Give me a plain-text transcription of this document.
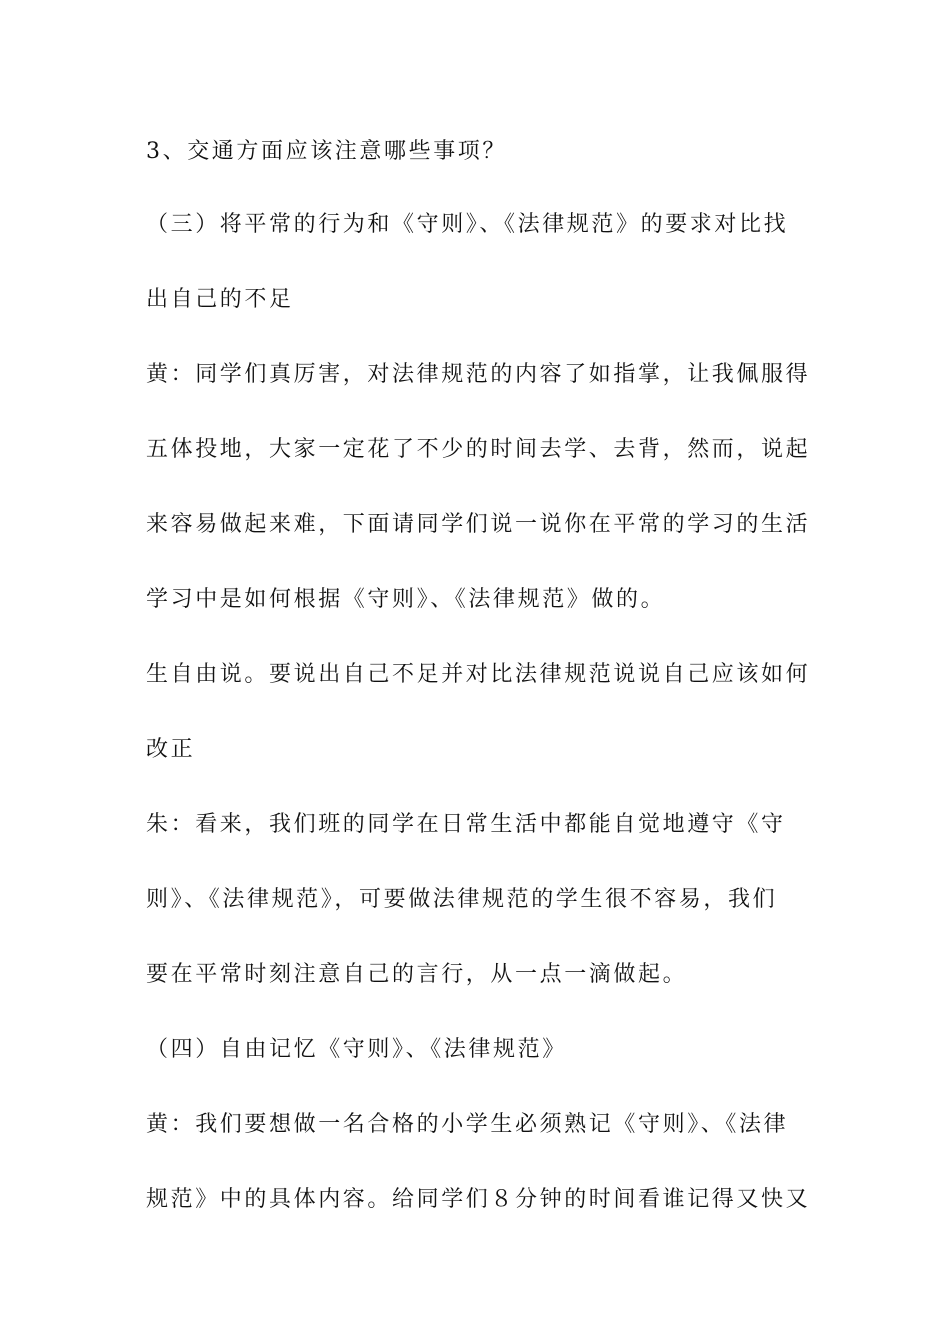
3、交通方面应该注意哪些事项？
（三）将平常的行为和《守则》、《法律规范》的要求对比找
出自己的不足
黄：同学们真厉害，对法律规范的内容了如指掌，让我佩服得
五体投地，大家一定花了不少的时间去学、去背，然而，说起
来容易做起来难，下面请同学们说一说你在平常的学习的生活
学习中是如何根据《守则》、《法律规范》做的。
生自由说。要说出自己不足并对比法律规范说说自己应该如何
改正
朱：看来，我们班的同学在日常生活中都能自觉地遵守《守
则》、《法律规范》，可要做法律规范的学生很不容易，我们
要在平常时刻注意自己的言行，从一点一滴做起。
（四）自由记忆《守则》、《法律规范》
黄：我们要想做一名合格的小学生必须熟记《守则》、《法律
规范》中的具体内容。给同学们８分钟的时间看谁记得又快又
